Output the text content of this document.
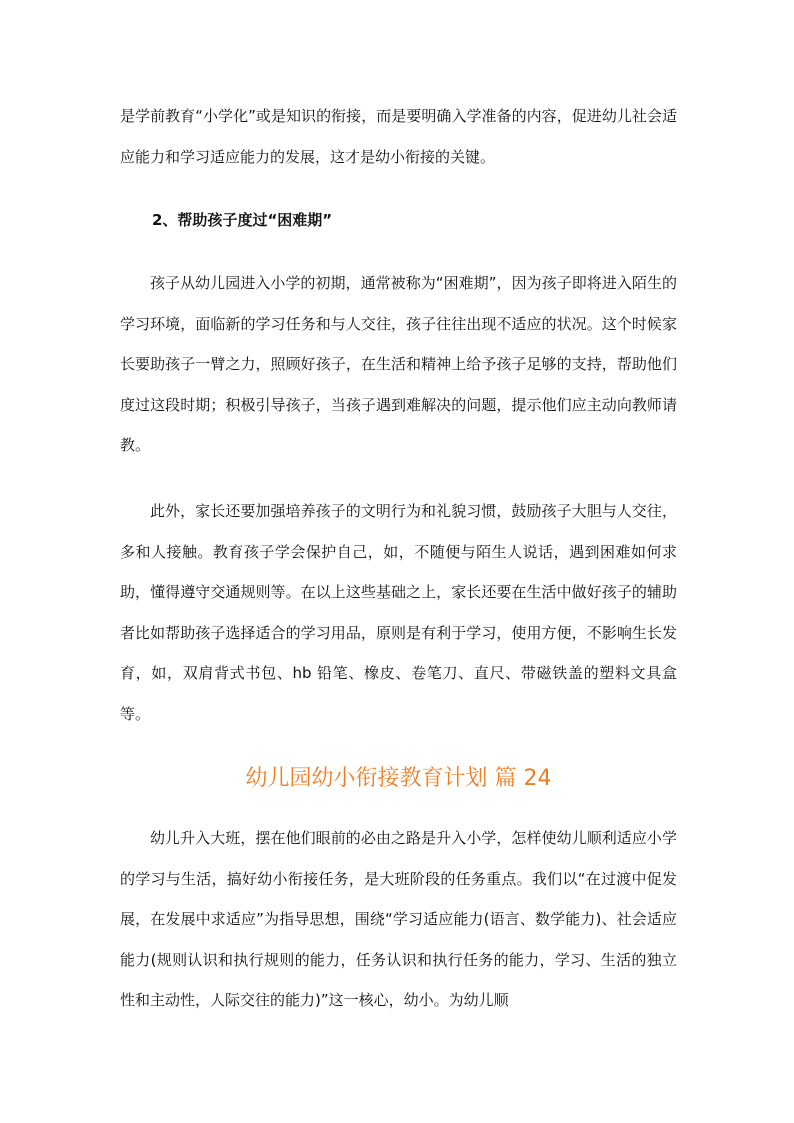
是学前教育“小学化”或是知识的衔接，而是要明确入学准备的内容，促进幼儿社会适应能力和学习适应能力的发展，这才是幼小衔接的关键。

2、帮助孩子度过“困难期”

孩子从幼儿园进入小学的初期，通常被称为“困难期”，因为孩子即将进入陌生的学习环境，面临新的学习任务和与人交往，孩子往往出现不适应的状况。这个时候家长要助孩子一臂之力，照顾好孩子，在生活和精神上给予孩子足够的支持，帮助他们度过这段时期；积极引导孩子，当孩子遇到难解决的问题，提示他们应主动向教师请教。

此外，家长还要加强培养孩子的文明行为和礼貌习惯，鼓励孩子大胆与人交往，多和人接触。教育孩子学会保护自己，如，不随便与陌生人说话，遇到困难如何求助，懂得遵守交通规则等。在以上这些基础之上，家长还要在生活中做好孩子的辅助者比如帮助孩子选择适合的学习用品，原则是有利于学习，使用方便，不影响生长发育，如，双肩背式书包、hb 铅笔、橡皮、卷笔刀、直尺、带磁铁盖的塑料文具盒等。

幼儿园幼小衔接教育计划 篇 24

幼儿升入大班，摆在他们眼前的必由之路是升入小学，怎样使幼儿顺利适应小学的学习与生活，搞好幼小衔接任务，是大班阶段的任务重点。我们以“在过渡中促发展，在发展中求适应”为指导思想，围绕“学习适应能力(语言、数学能力)、社会适应能力(规则认识和执行规则的能力，任务认识和执行任务的能力，学习、生活的独立性和主动性，人际交往的能力)”这一核心，幼小。为幼儿顺
